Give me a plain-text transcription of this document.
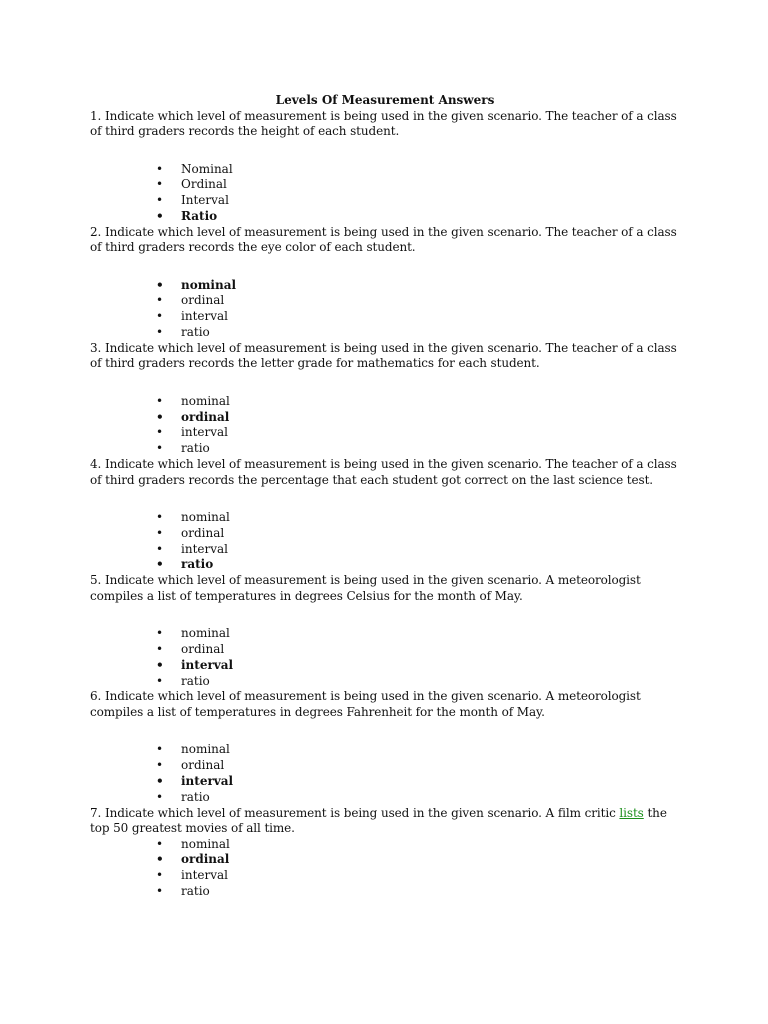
Levels Of Measurement Answers

1. Indicate which level of measurement is being used in the given scenario. The teacher of a class of third graders records the height of each student.

• Nominal
• Ordinal
• Interval
• Ratio

2. Indicate which level of measurement is being used in the given scenario. The teacher of a class of third graders records the eye color of each student.

• nominal
• ordinal
• interval
• ratio

3. Indicate which level of measurement is being used in the given scenario. The teacher of a class of third graders records the letter grade for mathematics for each student.

• nominal
• ordinal
• interval
• ratio

4. Indicate which level of measurement is being used in the given scenario. The teacher of a class of third graders records the percentage that each student got correct on the last science test.

• nominal
• ordinal
• interval
• ratio

5. Indicate which level of measurement is being used in the given scenario. A meteorologist compiles a list of temperatures in degrees Celsius for the month of May.

• nominal
• ordinal
• interval
• ratio

6. Indicate which level of measurement is being used in the given scenario. A meteorologist compiles a list of temperatures in degrees Fahrenheit for the month of May.

• nominal
• ordinal
• interval
• ratio

7. Indicate which level of measurement is being used in the given scenario. A film critic lists the top 50 greatest movies of all time.

• nominal
• ordinal
• interval
• ratio
